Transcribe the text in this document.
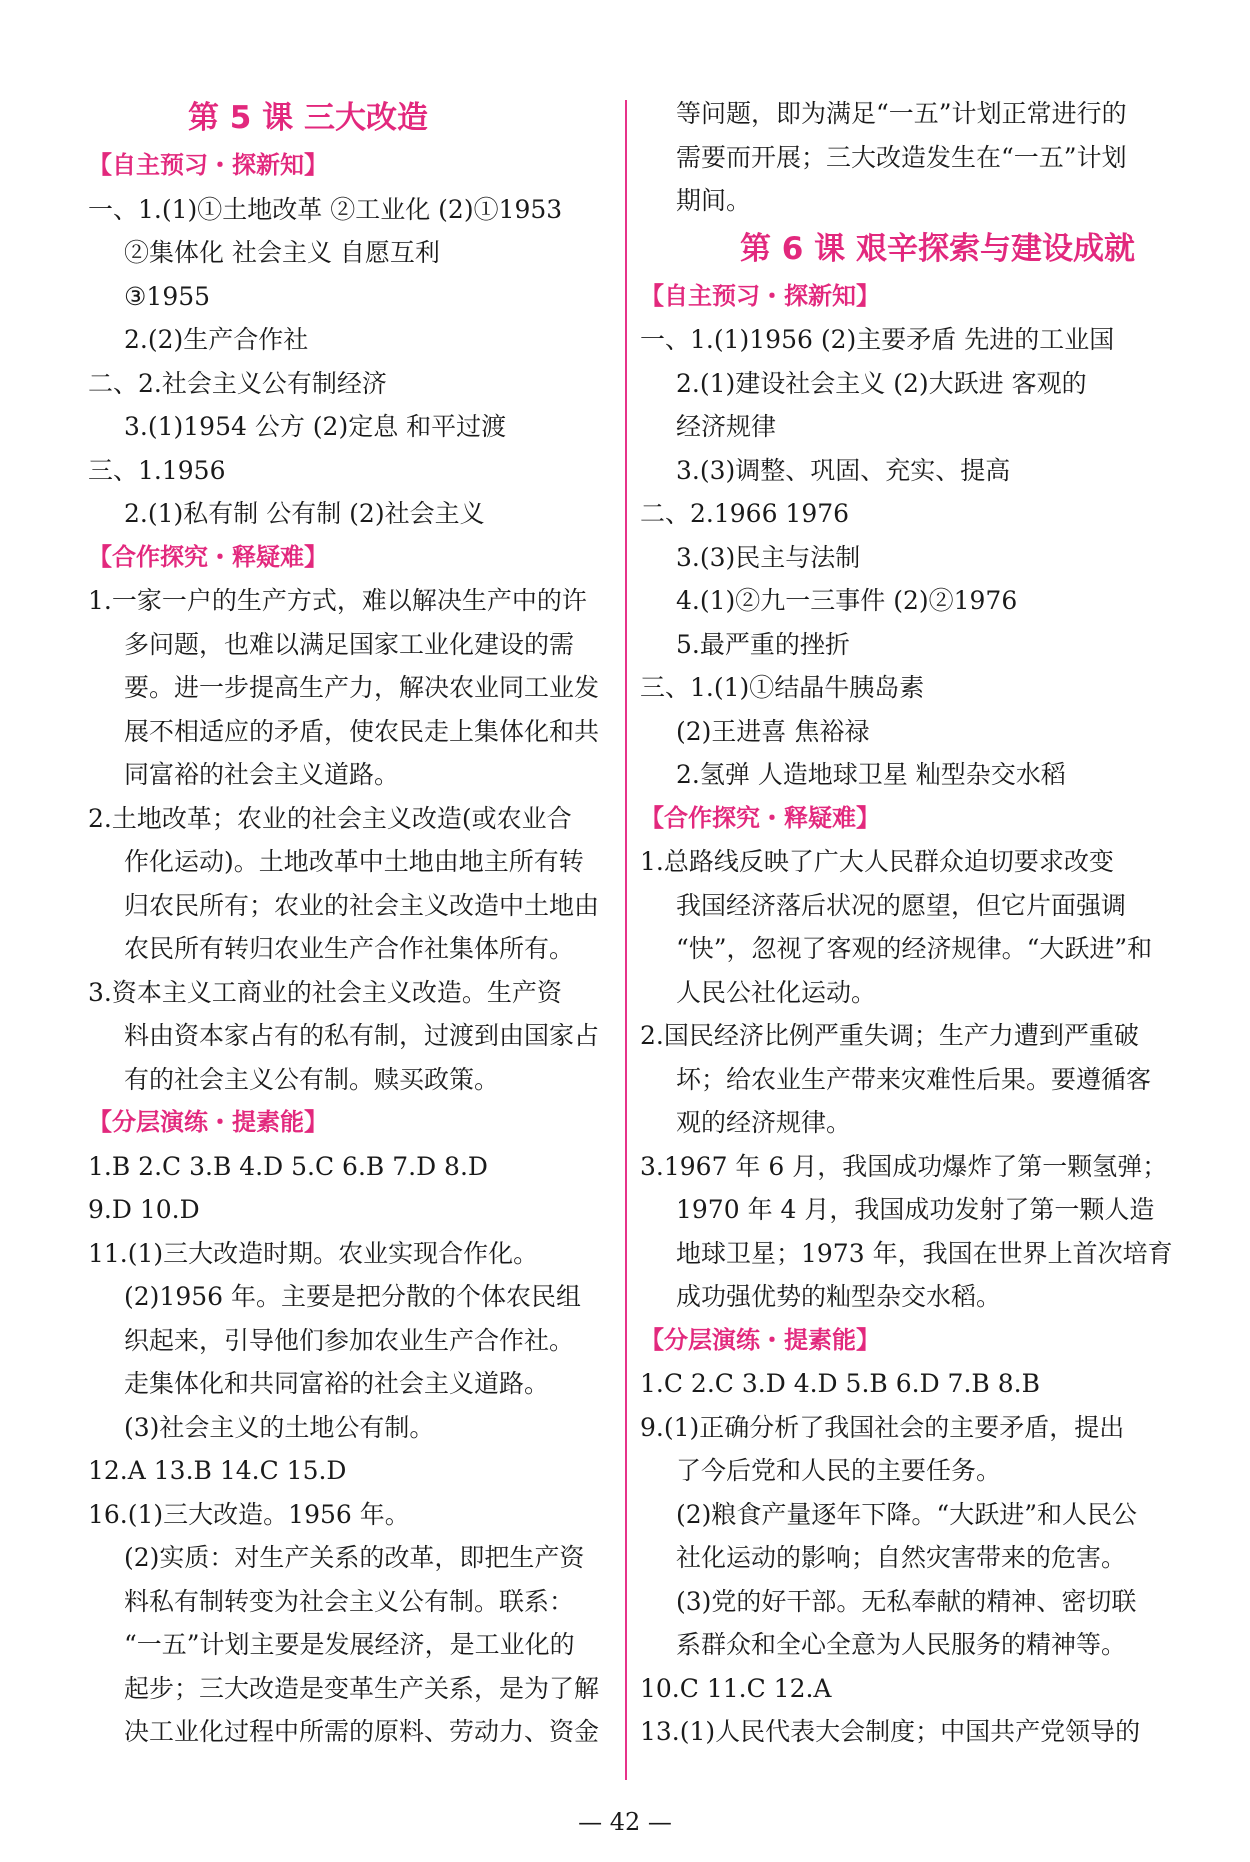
第 5 课 三大改造
【自主预习・探新知】
一、1.(1)①土地改革 ②工业化 (2)①1953
②集体化 社会主义 自愿互利
③1955
2.(2)生产合作社
二、2.社会主义公有制经济
3.(1)1954 公方 (2)定息 和平过渡
三、1.1956
2.(1)私有制 公有制 (2)社会主义
【合作探究・释疑难】
1.一家一户的生产方式，难以解决生产中的许
多问题，也难以满足国家工业化建设的需
要。进一步提高生产力，解决农业同工业发
展不相适应的矛盾，使农民走上集体化和共
同富裕的社会主义道路。
2.土地改革；农业的社会主义改造(或农业合
作化运动)。土地改革中土地由地主所有转
归农民所有；农业的社会主义改造中土地由
农民所有转归农业生产合作社集体所有。
3.资本主义工商业的社会主义改造。生产资
料由资本家占有的私有制，过渡到由国家占
有的社会主义公有制。赎买政策。
【分层演练・提素能】
1.B 2.C 3.B 4.D 5.C 6.B 7.D 8.D
9.D 10.D
11.(1)三大改造时期。农业实现合作化。
(2)1956 年。主要是把分散的个体农民组
织起来，引导他们参加农业生产合作社。
走集体化和共同富裕的社会主义道路。
(3)社会主义的土地公有制。
12.A 13.B 14.C 15.D
16.(1)三大改造。1956 年。
(2)实质：对生产关系的改革，即把生产资
料私有制转变为社会主义公有制。联系：
“一五”计划主要是发展经济，是工业化的
起步；三大改造是变革生产关系，是为了解
决工业化过程中所需的原料、劳动力、资金
等问题，即为满足“一五”计划正常进行的
需要而开展；三大改造发生在“一五”计划
期间。
第 6 课 艰辛探索与建设成就
【自主预习・探新知】
一、1.(1)1956 (2)主要矛盾 先进的工业国
2.(1)建设社会主义 (2)大跃进 客观的
经济规律
3.(3)调整、巩固、充实、提高
二、2.1966 1976
3.(3)民主与法制
4.(1)②九一三事件 (2)②1976
5.最严重的挫折
三、1.(1)①结晶牛胰岛素
(2)王进喜 焦裕禄
2.氢弹 人造地球卫星 籼型杂交水稻
【合作探究・释疑难】
1.总路线反映了广大人民群众迫切要求改变
我国经济落后状况的愿望，但它片面强调
“快”，忽视了客观的经济规律。“大跃进”和
人民公社化运动。
2.国民经济比例严重失调；生产力遭到严重破
坏；给农业生产带来灾难性后果。要遵循客
观的经济规律。
3.1967 年 6 月，我国成功爆炸了第一颗氢弹；
1970 年 4 月，我国成功发射了第一颗人造
地球卫星；1973 年，我国在世界上首次培育
成功强优势的籼型杂交水稻。
【分层演练・提素能】
1.C 2.C 3.D 4.D 5.B 6.D 7.B 8.B
9.(1)正确分析了我国社会的主要矛盾，提出
了今后党和人民的主要任务。
(2)粮食产量逐年下降。“大跃进”和人民公
社化运动的影响；自然灾害带来的危害。
(3)党的好干部。无私奉献的精神、密切联
系群众和全心全意为人民服务的精神等。
10.C 11.C 12.A
13.(1)人民代表大会制度；中国共产党领导的
— 42 —
